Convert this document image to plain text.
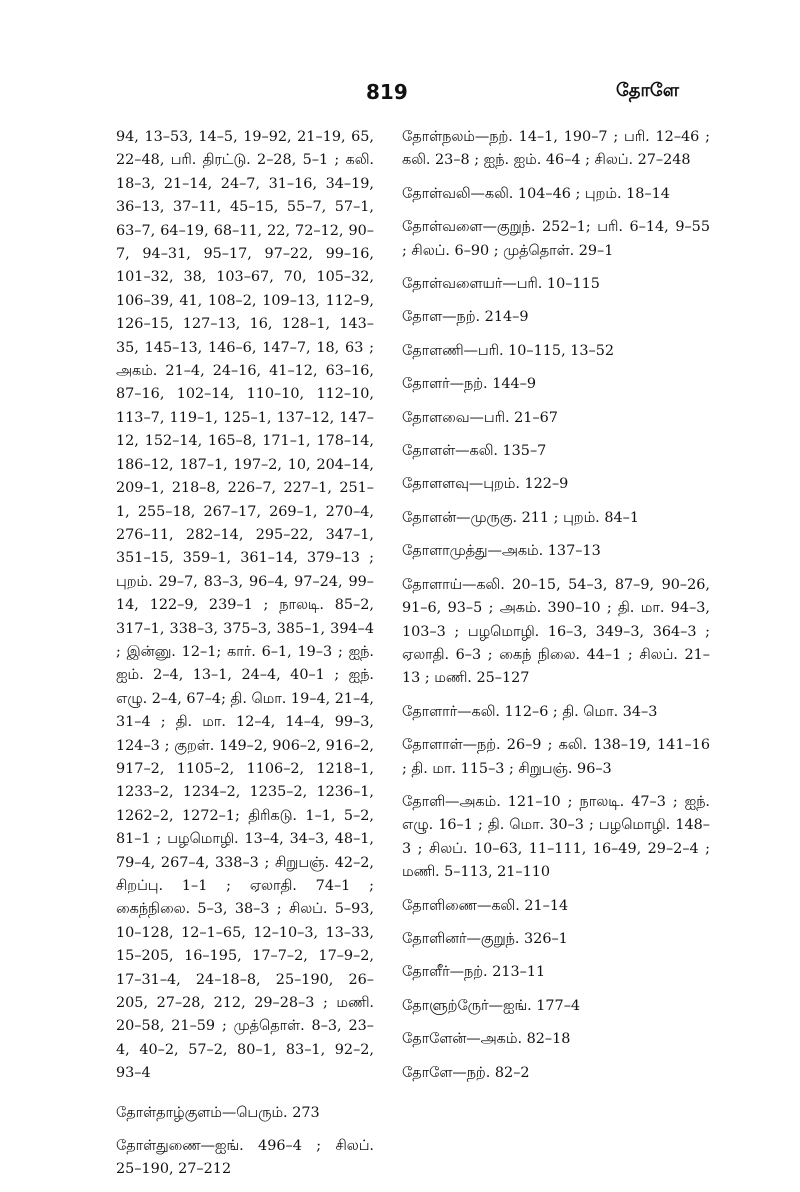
819	தோளே
94, 13–53, 14–5, 19–92, 21–19, 65, 22–48, பரி. திரட்டு. 2–28, 5–1 ; கலி. 18–3, 21–14, 24–7, 31–16, 34–19, 36–13, 37–11, 45–15, 55–7, 57–1, 63–7, 64–19, 68–11, 22, 72–12, 90–7, 94–31, 95–17, 97–22, 99–16, 101–32, 38, 103–67, 70, 105–32, 106–39, 41, 108–2, 109–13, 112–9, 126–15, 127–13, 16, 128–1, 143–35, 145–13, 146–6, 147–7, 18, 63 ; அகம். 21–4, 24–16, 41–12, 63–16, 87–16, 102–14, 110–10, 112–10, 113–7, 119–1, 125–1, 137–12, 147–12, 152–14, 165–8, 171–1, 178–14, 186–12, 187–1, 197–2, 10, 204–14, 209–1, 218–8, 226–7, 227–1, 251–1, 255–18, 267–17, 269–1, 270–4, 276–11, 282–14, 295–22, 347–1, 351–15, 359–1, 361–14, 379–13 ; புறம். 29–7, 83–3, 96–4, 97–24, 99–14, 122–9, 239–1 ; நாலடி. 85–2, 317–1, 338–3, 375–3, 385–1, 394–4 ; இன்னு. 12–1; கார். 6–1, 19–3 ; ஐந். ஐம். 2–4, 13–1, 24–4, 40–1 ; ஐந். எழு. 2–4, 67–4; தி. மொ. 19–4, 21–4, 31–4 ; தி. மா. 12–4, 14–4, 99–3, 124–3 ; குறள். 149–2, 906–2, 916–2, 917–2, 1105–2, 1106–2, 1218–1, 1233–2, 1234–2, 1235–2, 1236–1, 1262–2, 1272–1; திரிகடு. 1–1, 5–2, 81–1 ; பழமொழி. 13–4, 34–3, 48–1, 79–4, 267–4, 338–3 ; சிறுபஞ். 42–2, சிறப்பு. 1–1 ; ஏலாதி. 74–1 ; கைந்நிலை. 5–3, 38–3 ; சிலப். 5–93, 10–128, 12–1–65, 12–10–3, 13–33, 15–205, 16–195, 17–7–2, 17–9–2, 17–31–4, 24–18–8, 25–190, 26–205, 27–28, 212, 29–28–3 ; மணி. 20–58, 21–59 ; முத்தொள். 8–3, 23–4, 40–2, 57–2, 80–1, 83–1, 92–2, 93–4
தோள்தாழ்குளம்—பெரும். 273
தோள்துணை—ஐங். 496–4 ; சிலப். 25–190, 27–212
தோள்நலம்—நற். 14–1, 190–7 ; பரி. 12–46 ; கலி. 23–8 ; ஐந். ஐம். 46–4 ; சிலப். 27–248
தோள்வலி—கலி. 104–46 ; புறம். 18–14
தோள்வளை—குறுந். 252–1; பரி. 6–14, 9–55 ; சிலப். 6–90 ; முத்தொள். 29–1
தோள்வளையர்—பரி. 10–115
தோள—நற். 214–9
தோளணி—பரி. 10–115, 13–52
தோளர்—நற். 144–9
தோளவை—பரி. 21–67
தோளள்—கலி. 135–7
தோளளவு—புறம். 122–9
தோளன்—முருகு. 211 ; புறம். 84–1
தோளாமுத்து—அகம். 137–13
தோளாய்—கலி. 20–15, 54–3, 87–9, 90–26, 91–6, 93–5 ; அகம். 390–10 ; தி. மா. 94–3, 103–3 ; பழமொழி. 16–3, 349–3, 364–3 ; ஏலாதி. 6–3 ; கைந் நிலை. 44–1 ; சிலப். 21–13 ; மணி. 25–127
தோளார்—கலி. 112–6 ; தி. மொ. 34–3
தோளாள்—நற். 26–9 ; கலி. 138–19, 141–16 ; தி. மா. 115–3 ; சிறுபஞ். 96–3
தோளி—அகம். 121–10 ; நாலடி. 47–3 ; ஐந். எழு. 16–1 ; தி. மொ. 30–3 ; பழமொழி. 148–3 ; சிலப். 10–63, 11–111, 16–49, 29–2–4 ; மணி. 5–113, 21–110
தோளிணை—கலி. 21–14
தோளினர்—குறுந். 326–1
தோளீர்—நற். 213–11
தோளுற்ருேர்—ஐங். 177–4
தோளேன்—அகம். 82–18
தோளே—நற். 82–2
